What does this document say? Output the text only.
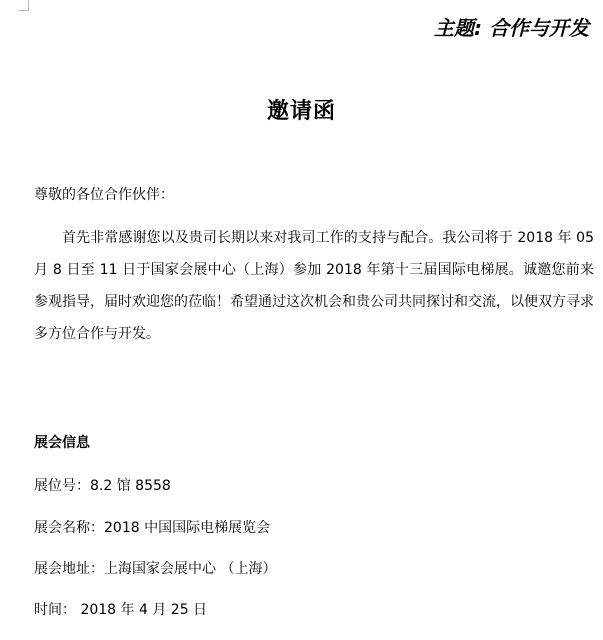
主题: 合作与开发
邀请函
尊敬的各位合作伙伴：
首先非常感谢您以及贵司长期以来对我司工作的支持与配合。我公司将于 2018 年 05 月 8 日至 11 日于国家会展中心（上海）参加 2018 年第十三届国际电梯展。诚邀您前来参观指导，届时欢迎您的莅临！希望通过这次机会和贵公司共同探讨和交流，以便双方寻求多方位合作与开发。
展会信息
展位号：8.2 馆 8558
展会名称：2018 中国国际电梯展览会
展会地址：上海国家会展中心 （上海）
时间： 2018 年 4 月 25 日
